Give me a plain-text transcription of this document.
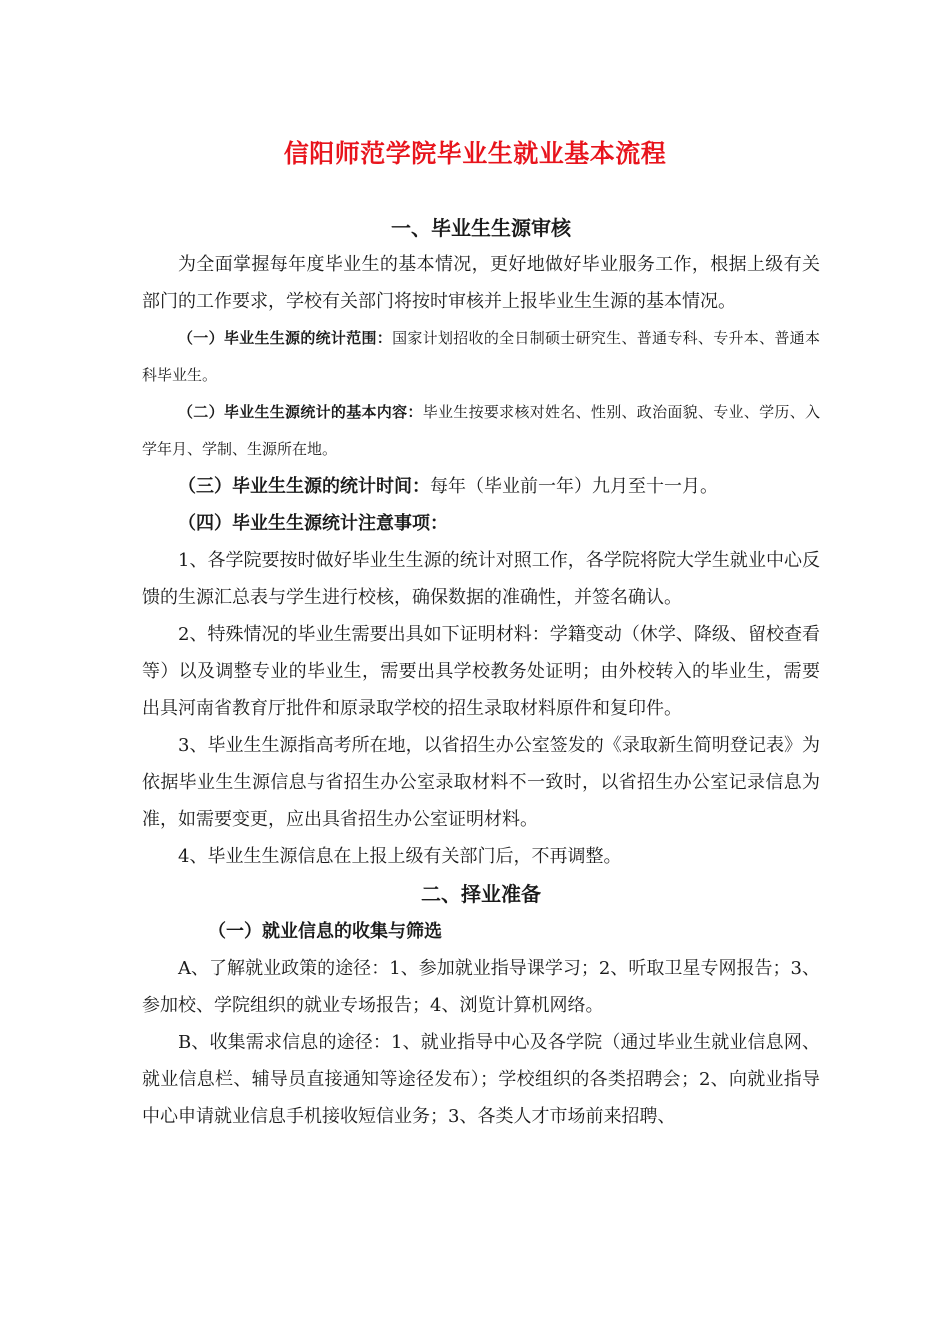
信阳师范学院毕业生就业基本流程
一、毕业生生源审核

为全面掌握每年度毕业生的基本情况，更好地做好毕业服务工作，根据上级有关部门的工作要求，学校有关部门将按时审核并上报毕业生生源的基本情况。

（一）毕业生生源的统计范围：国家计划招收的全日制硕士研究生、普通专科、专升本、普通本科毕业生。

（二）毕业生生源统计的基本内容：毕业生按要求核对姓名、性别、政治面貌、专业、学历、入学年月、学制、生源所在地。

（三）毕业生生源的统计时间：每年（毕业前一年）九月至十一月。

（四）毕业生生源统计注意事项：

1、各学院要按时做好毕业生生源的统计对照工作，各学院将院大学生就业中心反馈的生源汇总表与学生进行校核，确保数据的准确性，并签名确认。

2、特殊情况的毕业生需要出具如下证明材料：学籍变动（休学、降级、留校查看等）以及调整专业的毕业生，需要出具学校教务处证明；由外校转入的毕业生，需要出具河南省教育厅批件和原录取学校的招生录取材料原件和复印件。

3、毕业生生源指高考所在地，以省招生办公室签发的《录取新生简明登记表》为依据毕业生生源信息与省招生办公室录取材料不一致时，以省招生办公室记录信息为准，如需要变更，应出具省招生办公室证明材料。

4、毕业生生源信息在上报上级有关部门后，不再调整。

二、择业准备

（一）就业信息的收集与筛选

A、了解就业政策的途径：1、参加就业指导课学习；2、听取卫星专网报告；3、参加校、学院组织的就业专场报告；4、浏览计算机网络。

B、收集需求信息的途径：1、就业指导中心及各学院（通过毕业生就业信息网、就业信息栏、辅导员直接通知等途径发布）；学校组织的各类招聘会；2、向就业指导中心申请就业信息手机接收短信业务；3、各类人才市场前来招聘、
